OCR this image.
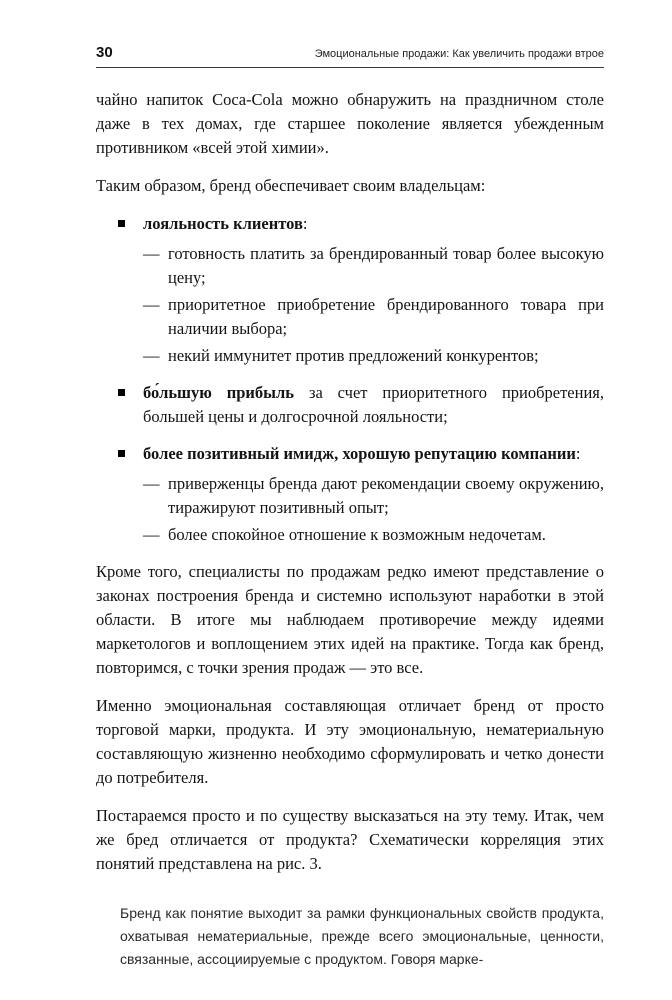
30	Эмоциональные продажи: Как увеличить продажи втрое

чайно напиток Coca-Cola можно обнаружить на праздничном столе даже в тех домах, где старшее поколение является убежденным противником «всей этой химии».

Таким образом, бренд обеспечивает своим владельцам:

лояльность клиентов:

— готовность платить за брендированный товар более высокую цену;

— приоритетное приобретение брендированного товара при наличии выбора;

— некий иммунитет против предложений конкурентов;

бо́льшую прибыль за счет приоритетного приобретения, большей цены и долгосрочной лояльности;

более позитивный имидж, хорошую репутацию компании:

— приверженцы бренда дают рекомендации своему окружению, тиражируют позитивный опыт;

— более спокойное отношение к возможным недочетам.

Кроме того, специалисты по продажам редко имеют представление о законах построения бренда и системно используют наработки в этой области. В итоге мы наблюдаем противоречие между идеями маркетологов и воплощением этих идей на практике. Тогда как бренд, повторимся, с точки зрения продаж — это все.

Именно эмоциональная составляющая отличает бренд от просто торговой марки, продукта. И эту эмоциональную, нематериальную составляющую жизненно необходимо сформулировать и четко донести до потребителя.

Постараемся просто и по существу высказаться на эту тему. Итак, чем же бред отличается от продукта? Схематически корреляция этих понятий представлена на рис. 3.

Бренд как понятие выходит за рамки функциональных свойств продукта, охватывая нематериальные, прежде всего эмоциональные, ценности, связанные, ассоциируемые с продуктом. Говоря марке-
